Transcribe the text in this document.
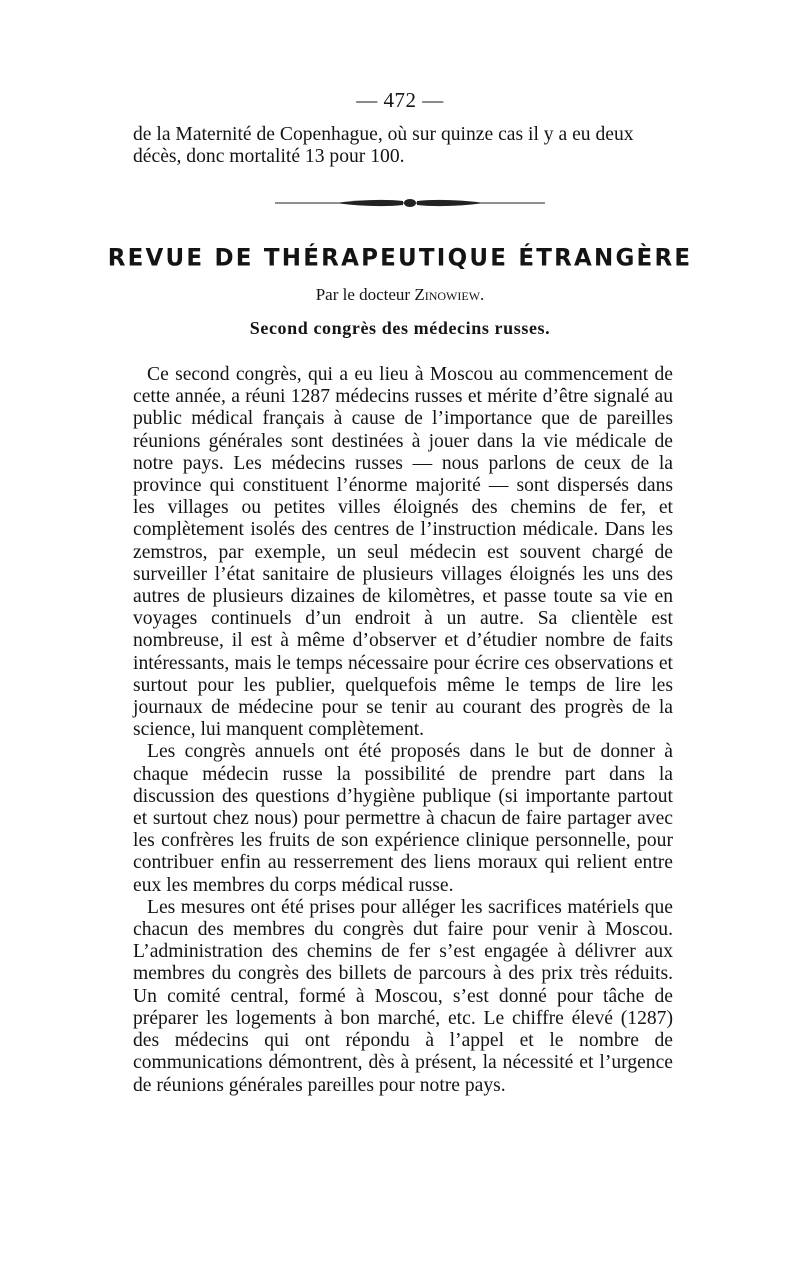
— 472 —
de la Maternité de Copenhague, où sur quinze cas il y a eu deux
décès, donc mortalité 13 pour 100.
REVUE DE THÉRAPEUTIQUE ÉTRANGÈRE
Par le docteur Zinowiew.
Second congrès des médecins russes.

Ce second congrès, qui a eu lieu à Moscou au commencement de cette année, a réuni 1287 médecins russes et mérite d’être signalé au public médical français à cause de l’importance que de pareilles réunions générales sont destinées à jouer dans la vie médicale de notre pays. Les médecins russes — nous parlons de ceux de la province qui constituent l’énorme majorité — sont dispersés dans les villages ou petites villes éloignés des chemins de fer, et complètement isolés des centres de l’instruction médicale. Dans les zemstros, par exemple, un seul médecin est souvent chargé de surveiller l’état sanitaire de plusieurs villages éloignés les uns des autres de plusieurs dizaines de kilomètres, et passe toute sa vie en voyages continuels d’un endroit à un autre. Sa clientèle est nombreuse, il est à même d’observer et d’étudier nombre de faits intéressants, mais le temps nécessaire pour écrire ces observations et surtout pour les publier, quelquefois même le temps de lire les journaux de médecine pour se tenir au courant des progrès de la science, lui manquent complètement.

Les congrès annuels ont été proposés dans le but de donner à chaque médecin russe la possibilité de prendre part dans la discussion des questions d’hygiène publique (si importante partout et surtout chez nous) pour permettre à chacun de faire partager avec les confrères les fruits de son expérience clinique personnelle, pour contribuer enfin au resserrement des liens moraux qui relient entre eux les membres du corps médical russe.

Les mesures ont été prises pour alléger les sacrifices matériels que chacun des membres du congrès dut faire pour venir à Moscou. L’administration des chemins de fer s’est engagée à délivrer aux membres du congrès des billets de parcours à des prix très réduits. Un comité central, formé à Moscou, s’est donné pour tâche de préparer les logements à bon marché, etc. Le chiffre élevé (1287) des médecins qui ont répondu à l’appel et le nombre de communications démontrent, dès à présent, la nécessité et l’urgence de réunions générales pareilles pour notre pays.
